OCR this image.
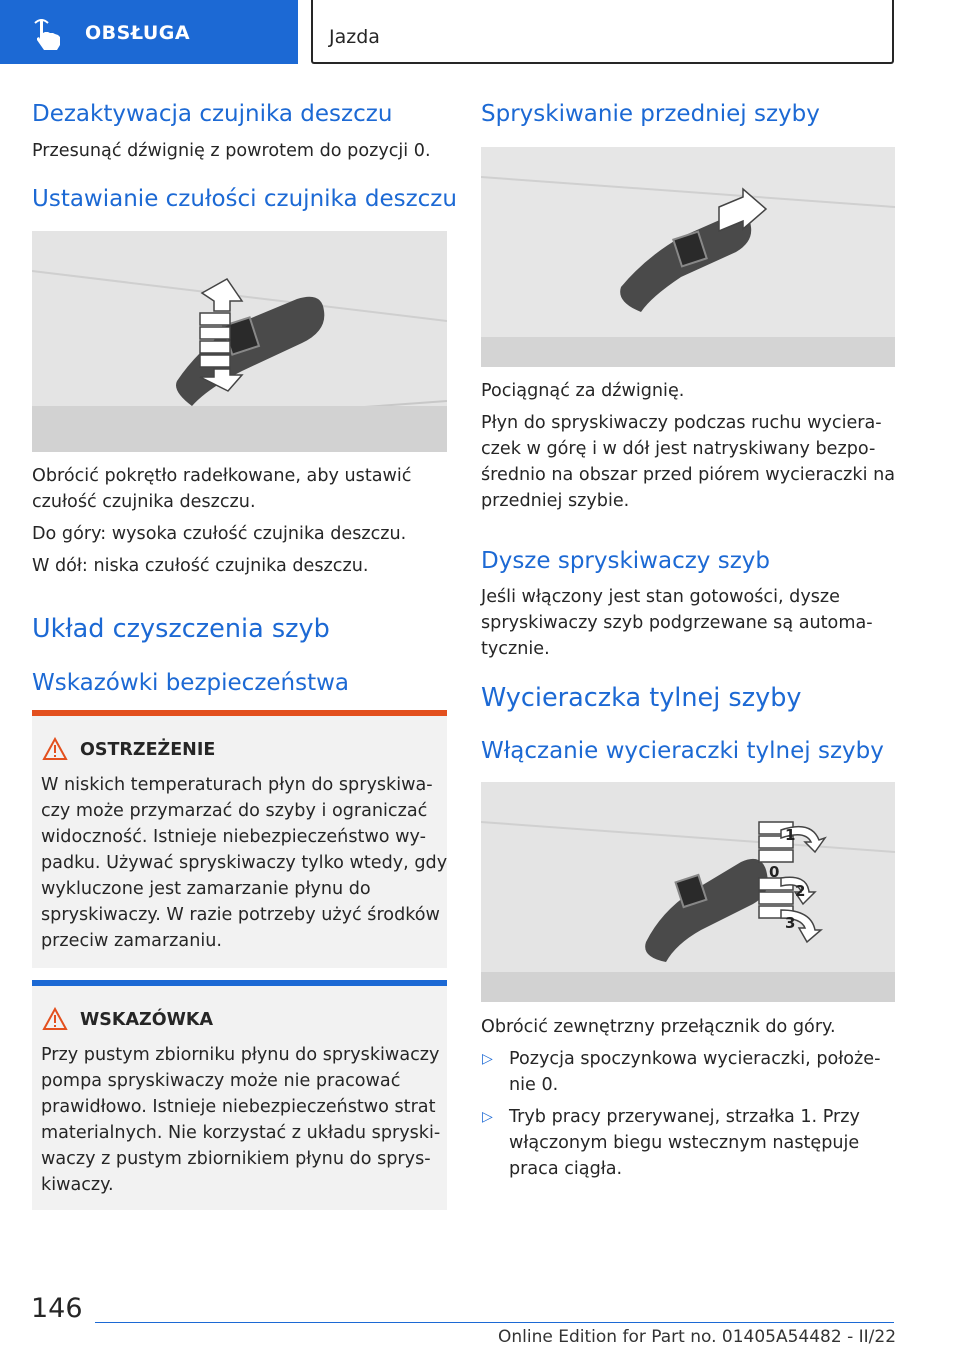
OBSŁUGA	Jazda
Dezaktywacja czujnika deszczu

Przesunąć dźwignię z powrotem do pozycji 0.

Ustawianie czułości czujnika deszczu

Obrócić pokrętło radełkowane, aby ustawić czułość czujnika deszczu.

Do góry: wysoka czułość czujnika deszczu.

W dół: niska czułość czujnika deszczu.

Układ czyszczenia szyb
Wskazówki bezpieczeństwa
OSTRZEŻENIE

W niskich temperaturach płyn do spryskiwa- czy może przymarzać do szyby i ograniczać widoczność. Istnieje niebezpieczeństwo wy- padku. Używać spryskiwaczy tylko wtedy, gdy wykluczone jest zamarzanie płynu do spryskiwaczy. W razie potrzeby użyć środków przeciw zamarzaniu.

WSKAZÓWKA

Przy pustym zbiorniku płynu do spryskiwaczy pompa spryskiwaczy może nie pracować prawidłowo. Istnieje niebezpieczeństwo strat materialnych. Nie korzystać z układu spryski- waczy z pustym zbiornikiem płynu do sprys- kiwaczy.

Spryskiwanie przedniej szyby

Pociągnąć za dźwignię.

Płyn do spryskiwaczy podczas ruchu wyciera- czek w górę i w dół jest natryskiwany bezpo- średnio na obszar przed piórem wycieraczki na przedniej szybie.

Dysze spryskiwaczy szyb

Jeśli włączony jest stan gotowości, dysze spryskiwaczy szyb podgrzewane są automa- tycznie.

Wycieraczka tylnej szyby
Włączanie wycieraczki tylnej szyby
1
0
2
3

Obrócić zewnętrzny przełącznik do góry.

▷ Pozycja spoczynkowa wycieraczki, położe- nie 0.

▷ Tryb pracy przerywanej, strzałka 1. Przy włączonym biegu wstecznym następuje praca ciągła.

146
Online Edition for Part no. 01405A54482 - II/22
